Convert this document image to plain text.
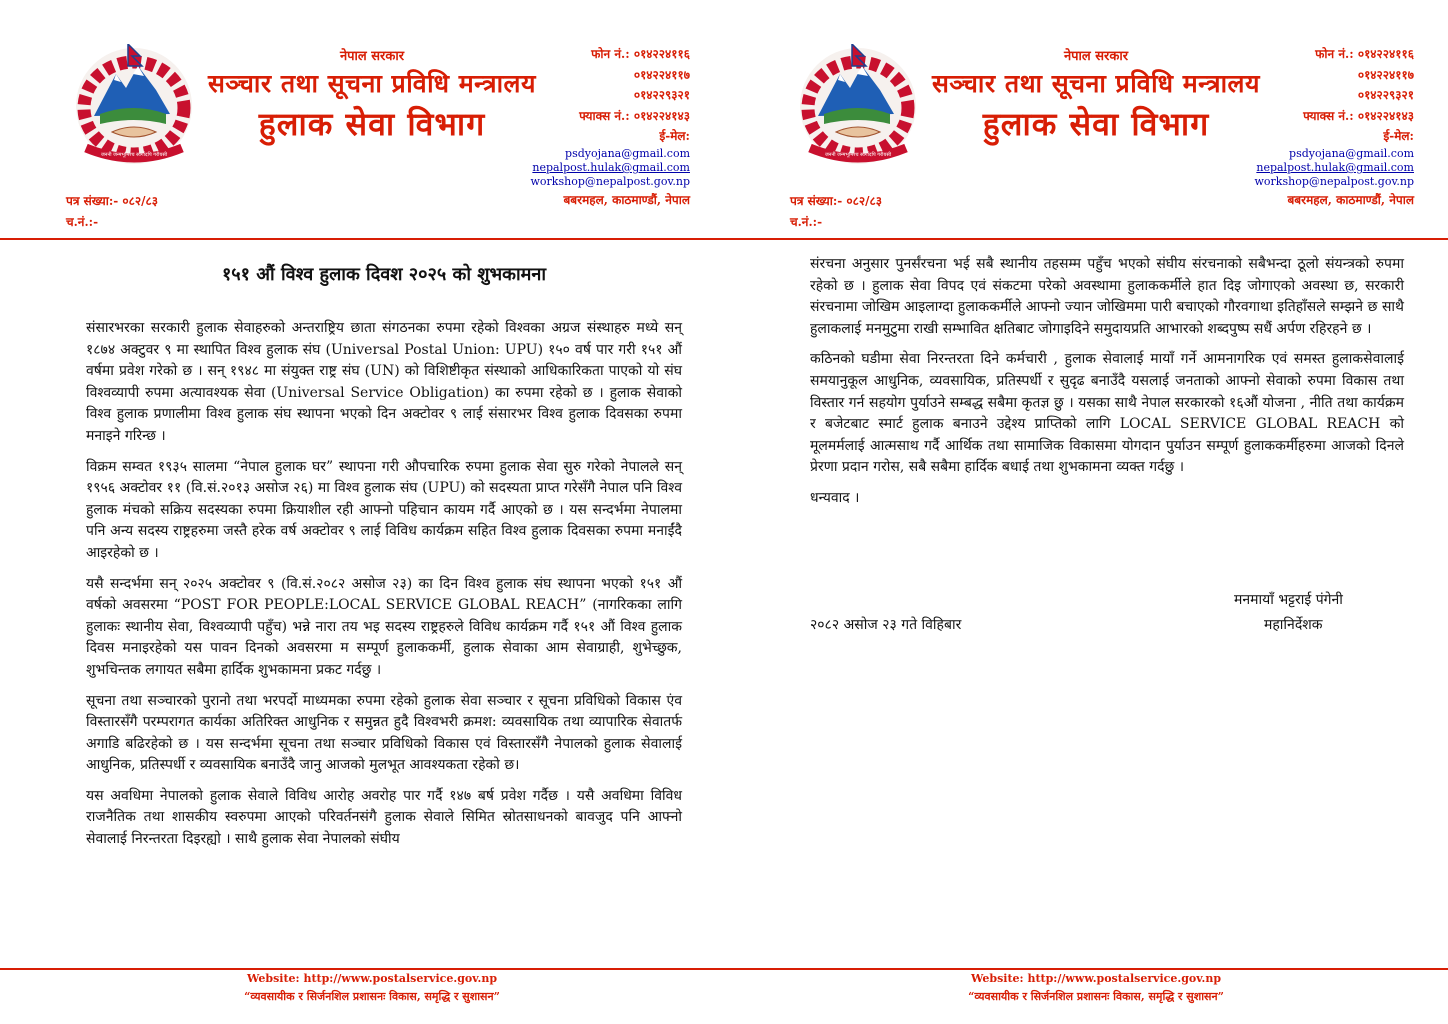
जननी जन्मभूमिश्च स्वर्गादपि गरीयसी
नेपाल सरकार
सञ्चार तथा सूचना प्रविधि मन्त्रालय
हुलाक सेवा विभाग
फोन नं.: ०१४२२४११६
०१४२२४११७
०१४२२९३२१
फ्याक्स नं.: ०१४२२४१४३
ई-मेल:
psdyojana@gmail.com
nepalpost.hulak@gmail.com
workshop@nepalpost.gov.np
बबरमहल, काठमाण्डौं, नेपाल
पत्र संख्या:- ०८२/८३
च.नं.:-
१५१ औं विश्व हुलाक दिवश २०२५ को शुभकामना

संसारभरका सरकारी हुलाक सेवाहरुको अन्तराष्ट्रिय छाता संगठनका रुपमा रहेको विश्वका अग्रज संस्थाहरु मध्ये सन् १८७४ अक्टुवर ९ मा स्थापित विश्व हुलाक संघ (Universal Postal Union: UPU) १५० वर्ष पार गरी १५१ औं वर्षमा प्रवेश गरेको छ । सन् १९४८ मा संयुक्त राष्ट्र संघ (UN) को विशिष्टीकृत संस्थाको आधिकारिकता पाएको यो संघ विश्वव्यापी रुपमा अत्यावश्यक सेवा (Universal Service Obligation) का रुपमा रहेको छ । हुलाक सेवाको विश्व हुलाक प्रणालीमा विश्व हुलाक संघ स्थापना भएको दिन अक्टोवर ९ लाई संसारभर विश्व हुलाक दिवसका रुपमा मनाइने गरिन्छ ।

विक्रम सम्वत १९३५ सालमा “नेपाल हुलाक घर” स्थापना गरी औपचारिक रुपमा हुलाक सेवा सुरु गरेको नेपालले सन् १९५६ अक्टोवर ११ (वि.सं.२०१३ असोज २६) मा विश्व हुलाक संघ (UPU) को सदस्यता प्राप्त गरेसँगै नेपाल पनि विश्व हुलाक मंचको सक्रिय सदस्यका रुपमा क्रियाशील रही आफ्नो पहिचान कायम गर्दै आएको छ । यस सन्दर्भमा नेपालमा पनि अन्य सदस्य राष्ट्रहरुमा जस्तै हरेक वर्ष अक्टोवर ९ लाई विविध कार्यक्रम सहित विश्व हुलाक दिवसका रुपमा मनाईंदै आइरहेको छ ।

यसै सन्दर्भमा सन् २०२५ अक्टोवर ९ (वि.सं.२०८२ असोज २३) का दिन विश्व हुलाक संघ स्थापना भएको १५१ औं वर्षको अवसरमा “POST FOR PEOPLE:LOCAL SERVICE GLOBAL REACH” (नागरिकका लागि हुलाकः स्थानीय सेवा, विश्वव्यापी पहुँच) भन्ने नारा तय भइ सदस्य राष्ट्रहरुले विविध कार्यक्रम गर्दै १५१ औं विश्व हुलाक दिवस मनाइरहेको यस पावन दिनको अवसरमा म सम्पूर्ण हुलाककर्मी, हुलाक सेवाका आम सेवाग्राही, शुभेच्छुक, शुभचिन्तक लगायत सबैमा हार्दिक शुभकामना प्रकट गर्दछु ।

सूचना तथा सञ्चारको पुरानो तथा भरपर्दो माध्यमका रुपमा रहेको हुलाक सेवा सञ्चार र सूचना प्रविधिको विकास एंव विस्तारसँगै परम्परागत कार्यका अतिरिक्त आधुनिक र समुन्नत हुदै विश्वभरी क्रमश: व्यवसायिक तथा व्यापारिक सेवातर्फ अगाडि बढिरहेको छ । यस सन्दर्भमा सूचना तथा सञ्चार प्रविधिको विकास एवं विस्तारसँगै नेपालको हुलाक सेवालाई आधुनिक, प्रतिस्पर्धी र व्यवसायिक बनाउँदै जानु आजको मुलभूत आवश्यकता रहेको छ।

यस अवधिमा नेपालको हुलाक सेवाले विविध आरोह अवरोह पार गर्दै १४७ बर्ष प्रवेश गर्दैछ । यसै अवधिमा विविध राजनैतिक तथा शासकीय स्वरुपमा आएको परिवर्तनसंगै हुलाक सेवाले सिमित स्रोतसाधनको बावजुद पनि आफ्नो सेवालाई निरन्तरता दिइरह्यो । साथै हुलाक सेवा नेपालको संघीय

Website: http://www.postalservice.gov.np
“व्यवसायीक र सिर्जनशिल प्रशासनः विकास, समृद्धि र सुशासन”
जननी जन्मभूमिश्च स्वर्गादपि गरीयसी
नेपाल सरकार
सञ्चार तथा सूचना प्रविधि मन्त्रालय
हुलाक सेवा विभाग
फोन नं.: ०१४२२४११६
०१४२२४११७
०१४२२९३२१
फ्याक्स नं.: ०१४२२४१४३
ई-मेल:
psdyojana@gmail.com
nepalpost.hulak@gmail.com
workshop@nepalpost.gov.np
बबरमहल, काठमाण्डौं, नेपाल
पत्र संख्या:- ०८२/८३
च.नं.:-

संरचना अनुसार पुनर्संरचना भई सबै स्थानीय तहसम्म पहुँच भएको संघीय संरचनाको सबैभन्दा ठूलो संयन्त्रको रुपमा रहेको छ । हुलाक सेवा विपद एवं संकटमा परेको अवस्थामा हुलाककर्मीले हात दिइ जोगाएको अवस्था छ, सरकारी संरचनामा जोखिम आइलाग्दा हुलाककर्मीले आफ्नो ज्यान जोखिममा पारी बचाएको गौरवगाथा इतिहाँसले सम्झने छ साथै हुलाकलाई मनमुटुमा राखी सम्भावित क्षतिबाट जोगाइदिने समुदायप्रति आभारको शब्दपुष्प सधैं अर्पण रहिरहने छ ।

कठिनको घडीमा सेवा निरन्तरता दिने कर्मचारी , हुलाक सेवालाई मायाँ गर्ने आमनागरिक एवं समस्त हुलाकसेवालाई समयानुकूल आधुनिक, व्यवसायिक, प्रतिस्पर्धी र सुदृढ बनाउँदै यसलाई जनताको आफ्नो सेवाको रुपमा विकास तथा विस्तार गर्न सहयोग पुर्याउने सम्बद्ध सबैमा कृतज्ञ छु । यसका साथै नेपाल सरकारको १६औं योजना , नीति तथा कार्यक्रम र बजेटबाट स्मार्ट हुलाक बनाउने उद्देश्य प्राप्तिको लागि LOCAL SERVICE GLOBAL REACH को मूलमर्मलाई आत्मसाथ गर्दै आर्थिक तथा सामाजिक विकासमा योगदान पुर्याउन सम्पूर्ण हुलाककर्मीहरुमा आजको दिनले प्रेरणा प्रदान गरोस, सबै सबैमा हार्दिक बधाई तथा शुभकामना व्यक्त गर्दछु ।

धन्यवाद ।

मनमायाँ भट्टराई पंगेनी
२०८२ असोज २३ गते विहिबार	महानिर्देशक
Website: http://www.postalservice.gov.np
“व्यवसायीक र सिर्जनशिल प्रशासनः विकास, समृद्धि र सुशासन”
